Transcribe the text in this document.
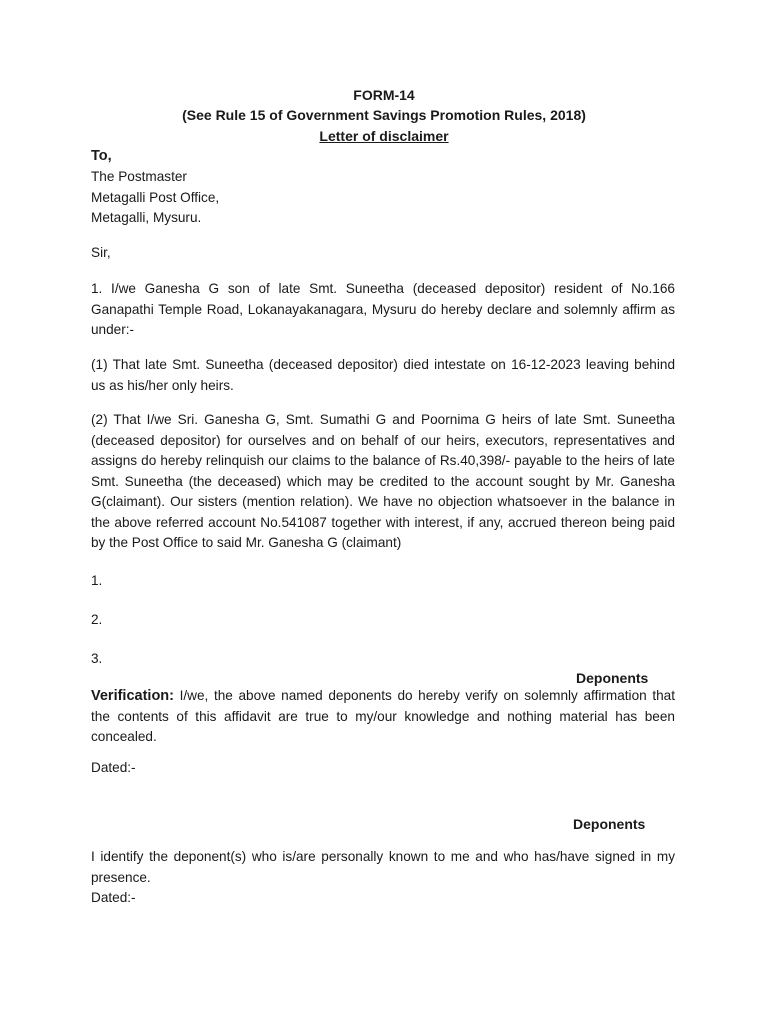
FORM-14
(See Rule 15 of Government Savings Promotion Rules, 2018)
Letter of disclaimer
To,
The Postmaster
Metagalli Post Office,
Metagalli, Mysuru.
Sir,
1. I/we Ganesha G son of late Smt. Suneetha (deceased depositor) resident of No.166 Ganapathi Temple Road, Lokanayakanagara, Mysuru do hereby declare and solemnly affirm as under:-
(1) That late Smt. Suneetha (deceased depositor) died intestate on 16-12-2023 leaving behind us as his/her only heirs.
(2) That I/we Sri. Ganesha G, Smt. Sumathi G and Poornima G heirs of late Smt. Suneetha (deceased depositor) for ourselves and on behalf of our heirs, executors, representatives and assigns do hereby relinquish our claims to the balance of Rs.40,398/- payable to the heirs of late Smt. Suneetha (the deceased) which may be credited to the account sought by Mr. Ganesha G(claimant). Our sisters (mention relation). We have no objection whatsoever in the balance in the above referred account No.541087 together with interest, if any, accrued thereon being paid by the Post Office to said Mr. Ganesha G (claimant)
1.
2.
3.
Deponents
Verification: I/we, the above named deponents do hereby verify on solemnly affirmation that the contents of this affidavit are true to my/our knowledge and nothing material has been concealed.
Dated:-
Deponents
I identify the deponent(s) who is/are personally known to me and who has/have signed in my presence.
Dated:-
